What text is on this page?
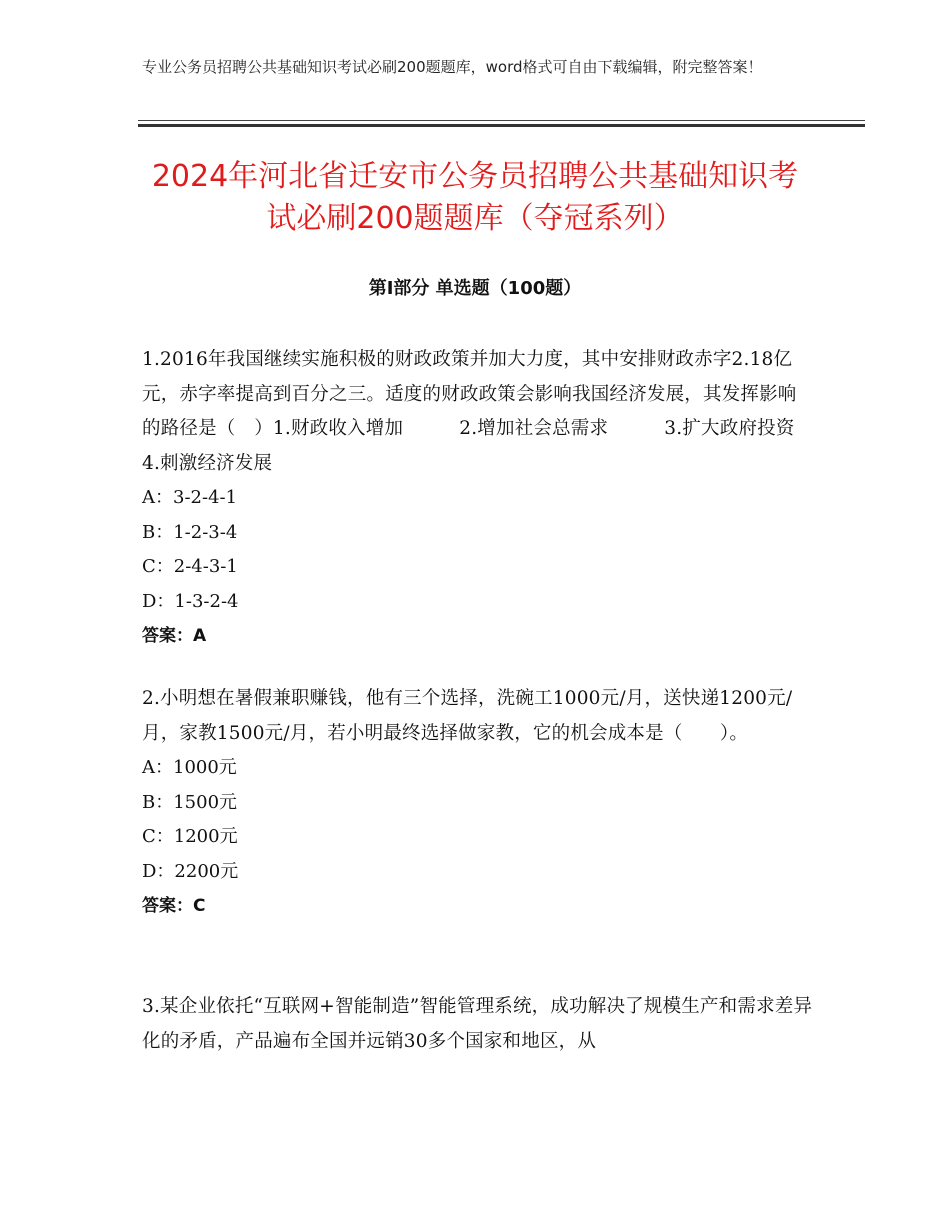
专业公务员招聘公共基础知识考试必刷200题题库，word格式可自由下载编辑，附完整答案！
2024年河北省迁安市公务员招聘公共基础知识考试必刷200题题库（夺冠系列）
第I部分 单选题（100题）
1.2016年我国继续实施积极的财政政策并加大力度，其中安排财政赤字2.18亿元，赤字率提高到百分之三。适度的财政政策会影响我国经济发展，其发挥影响的路径是（　）1.财政收入增加　　　2.增加社会总需求　　　3.扩大政府投资　　　4.刺激经济发展
A：3-2-4-1
B：1-2-3-4
C：2-4-3-1
D：1-3-2-4
答案：A
2.小明想在暑假兼职赚钱，他有三个选择，洗碗工1000元/月，送快递1200元/月，家教1500元/月，若小明最终选择做家教，它的机会成本是（　　）。
A：1000元
B：1500元
C：1200元
D：2200元
答案：C
3.某企业依托“互联网+智能制造”智能管理系统，成功解决了规模生产和需求差异化的矛盾，产品遍布全国并远销30多个国家和地区，从
